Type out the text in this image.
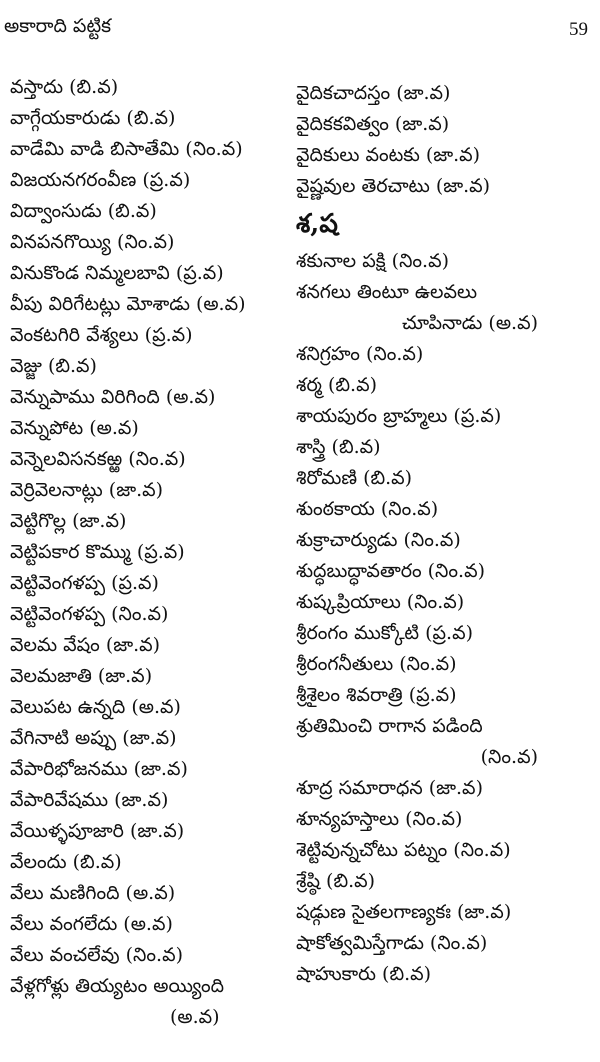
అకారాది పట్టిక	59
వస్తాదు (బి.వ)
వాగ్గేయకారుడు (బి.వ)
వాడేమి వాడి బిసాతేమి (నిం.వ)
విజయనగరంవీణ (ప్ర.వ)
విద్వాంసుడు (బి.వ)
వినపనగొయ్యి (నిం.వ)
వినుకొండ నిమ్మలబావి (ప్ర.వ)
వీపు విరిగేటట్లు మోశాడు (అ.వ)
వెంకటగిరి వేశ్యలు (ప్ర.వ)
వెజ్జు (బి.వ)
వెన్నుపాము విరిగింది (అ.వ)
వెన్నుపోట (అ.వ)
వెన్నెలవిసనకఱ్ఱ (నిం.వ)
వెర్రివెలనాట్లు (జా.వ)
వెట్టిగొల్ల (జా.వ)
వెట్టిపకార కొమ్ము (ప్ర.వ)
వెట్టివెంగళప్ప (ప్ర.వ)
వెట్టివెంగళప్ప (నిం.వ)
వెలమ వేషం (జా.వ)
వెలమజాతి (జా.వ)
వెలుపట ఉన్నది (అ.వ)
వేగినాటి అప్పు (జా.వ)
వేపారిభోజనము (జా.వ)
వేపారివేషము (జా.వ)
వేయిళ్ళపూజారి (జా.వ)
వేలందు (బి.వ)
వేలు మణిగింది (అ.వ)
వేలు వంగలేదు (అ.వ)
వేలు వంచలేవు (నిం.వ)
వేళ్లగోళ్లు తియ్యటం అయ్యింది
(అ.వ)
వైదికచాదస్తం (జా.వ)
వైదికకవిత్వం (జా.వ)
వైదికులు వంటకు (జా.వ)
వైష్ణవుల తెరచాటు (జా.వ)
శ,ష
శకునాల పక్షి (నిం.వ)
శనగలు తింటూ ఉలవలు
చూపినాడు (అ.వ)
శనిగ్రహం (నిం.వ)
శర్మ (బి.వ)
శాయపురం బ్రాహ్మలు (ప్ర.వ)
శాస్త్రి (బి.వ)
శిరోమణి (బి.వ)
శుంఠకాయ (నిం.వ)
శుక్రాచార్యుడు (నిం.వ)
శుద్ధబుద్ధావతారం (నిం.వ)
శుష్కప్రియాలు (నిం.వ)
శ్రీరంగం ముక్కోటి (ప్ర.వ)
శ్రీరంగనీతులు (నిం.వ)
శ్రీశైలం శివరాత్రి (ప్ర.వ)
శ్రుతిమించి రాగాన పడింది
(నిం.వ)
శూద్ర సమారాధన (జా.వ)
శూన్యహస్తాలు (నిం.వ)
శెట్టివున్నచోటు పట్నం (నిం.వ)
శ్రేష్ఠి (బి.వ)
షడ్గుణ సైతలగాణ్యకః (జా.వ)
షాకోత్వమిస్తేగాడు (నిం.వ)
షాహుకారు (బి.వ)
